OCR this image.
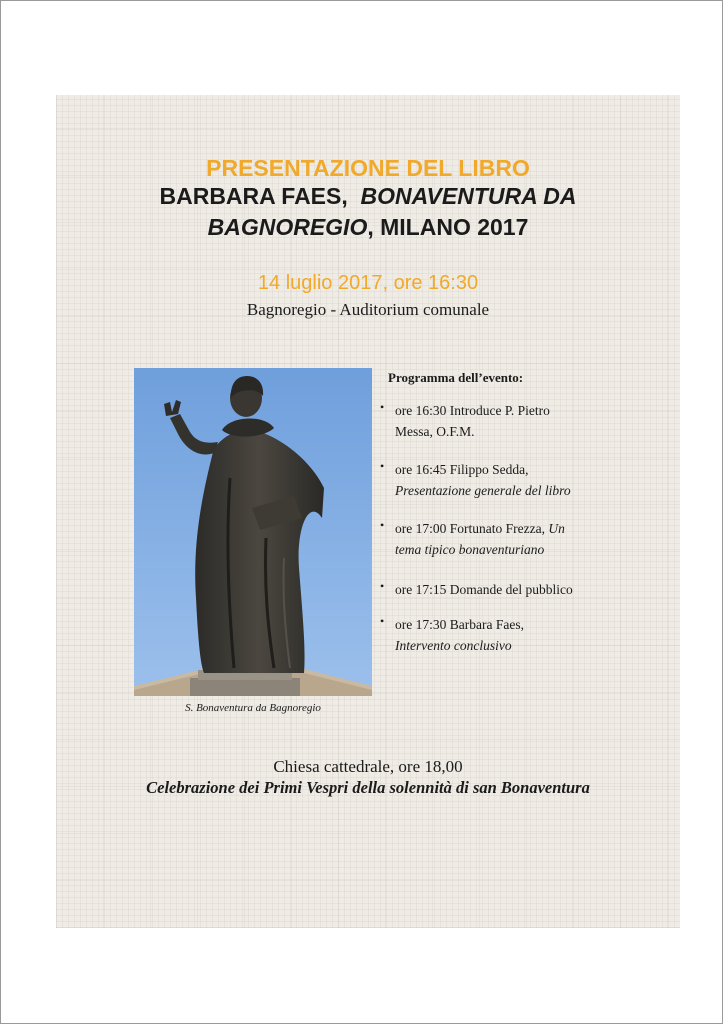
PRESENTAZIONE DEL LIBRO
BARBARA FAES,  BONAVENTURA DA
BAGNOREGIO, MILANO 2017
14 luglio 2017, ore 16:30
Bagnoregio - Auditorium comunale
S. Bonaventura da Bagnoregio
Programma dell’evento:
• ore 16:30 Introduce P. Pietro
Messa, O.F.M.
• ore 16:45 Filippo Sedda,
Presentazione generale del libro
• ore 17:00 Fortunato Frezza, Un
tema tipico bonaventuriano
• ore 17:15 Domande del pubblico
• ore 17:30 Barbara Faes,
Intervento conclusivo
Chiesa cattedrale, ore 18,00
Celebrazione dei Primi Vespri della solennità di san Bonaventura
